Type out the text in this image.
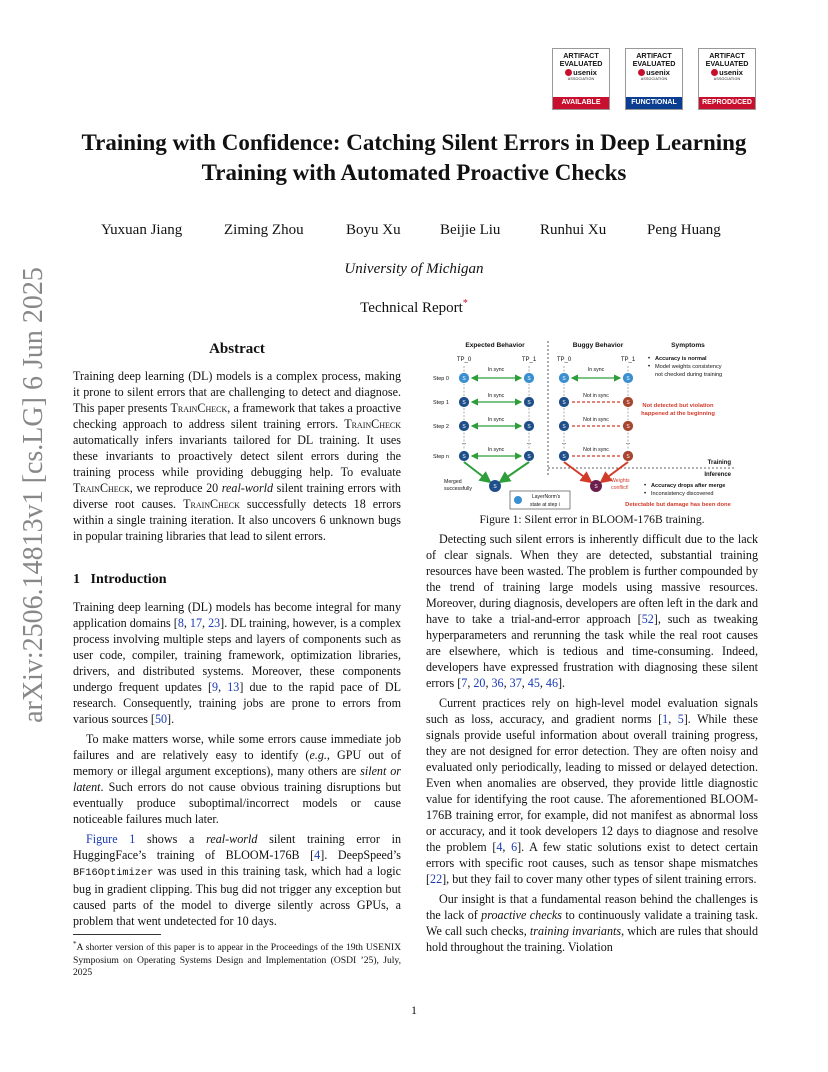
arXiv:2506.14813v1 [cs.LG] 6 Jun 2025
ARTIFACT
EVALUATED
usenix
ASSOCIATION
AVAILABLE
ARTIFACT
EVALUATED
usenix
ASSOCIATION
FUNCTIONAL
ARTIFACT
EVALUATED
usenix
ASSOCIATION
REPRODUCED
Training with Confidence: Catching Silent Errors in Deep Learning
Training with Automated Proactive Checks
Yuxuan Jiang	Ziming Zhou	Boyu Xu	Beijie Liu	Runhui Xu	Peng Huang
University of Michigan
Technical Report*
Abstract

Training deep learning (DL) models is a complex process, making it prone to silent errors that are challenging to detect and diagnose. This paper presents TrainCheck, a framework that takes a proactive checking approach to address silent training errors. TrainCheck automatically infers invariants tailored for DL training. It uses these invariants to proactively detect silent errors during the training process while providing debugging help. To evaluate TrainCheck, we reproduce 20 real-world silent training errors with diverse root causes. TrainCheck successfully detects 18 errors within a single training iteration. It also uncovers 6 unknown bugs in popular training libraries that lead to silent errors.

1 Introduction

Training deep learning (DL) models has become integral for many application domains [8, 17, 23]. DL training, however, is a complex process involving multiple steps and layers of components such as user code, compiler, training framework, optimization libraries, drivers, and distributed systems. Moreover, these components undergo frequent updates [9, 13] due to the rapid pace of DL research. Consequently, training jobs are prone to errors from various sources [50].

To make matters worse, while some errors cause immediate job failures and are relatively easy to identify (e.g., GPU out of memory or illegal argument exceptions), many others are silent or latent. Such errors do not cause obvious training disruptions but eventually produce suboptimal/incorrect models or cause noticeable failures much later.

Figure 1 shows a real-world silent training error in HuggingFace’s training of BLOOM-176B [4]. DeepSpeed’s BF16Optimizer was used in this training task, which had a logic bug in gradient clipping. This bug did not trigger any exception but caused parts of the model to diverge silently across GPUs, a problem that went undetected for 10 days.

*A shorter version of this paper is to appear in the Proceedings of the 19th USENIX Symposium on Operating Systems Design and Implementation (OSDI ’25), July, 2025
Expected Behavior	Buggy Behavior	Symptoms
TP_0	TP_1	TP_0	TP_1
Step 0	S	S	S	S
In sync	In sync
Step 1	S	S	S	S
In sync	Not in sync
Step 2	S	S	S	S
In sync	Not in sync
Step n	S	S	S	S
In sync	Not in sync
...	...	...	...
S	S
Merged
successfully
LayerNorm’s
state at step i
Weights
conflict!
• Accuracy is normal
• Model weights consistency
not checked during training
Not detected but violation
happened at the beginning
Training
Inference
• Accuracy drops after merge
• Inconsistency discovered
Detectable but damage has been done
Figure 1: Silent error in BLOOM-176B training.

Detecting such silent errors is inherently difficult due to the lack of clear signals. When they are detected, substantial training resources have been wasted. The problem is further compounded by the trend of training large models using massive resources. Moreover, during diagnosis, developers are often left in the dark and have to take a trial-and-error approach [52], such as tweaking hyperparameters and rerunning the task while the real root causes are elsewhere, which is tedious and time-consuming. Indeed, developers have expressed frustration with diagnosing these silent errors [7, 20, 36, 37, 45, 46].

Current practices rely on high-level model evaluation signals such as loss, accuracy, and gradient norms [1, 5]. While these signals provide useful information about overall training progress, they are not designed for error detection. They are often noisy and evaluated only periodically, leading to missed or delayed detection. Even when anomalies are observed, they provide little diagnostic value for identifying the root cause. The aforementioned BLOOM-176B training error, for example, did not manifest as abnormal loss or accuracy, and it took developers 12 days to diagnose and resolve the problem [4, 6]. A few static solutions exist to detect certain errors with specific root causes, such as tensor shape mismatches [22], but they fail to cover many other types of silent training errors.

Our insight is that a fundamental reason behind the challenges is the lack of proactive checks to continuously validate a training task. We call such checks, training invariants, which are rules that should hold throughout the training. Violation

1
